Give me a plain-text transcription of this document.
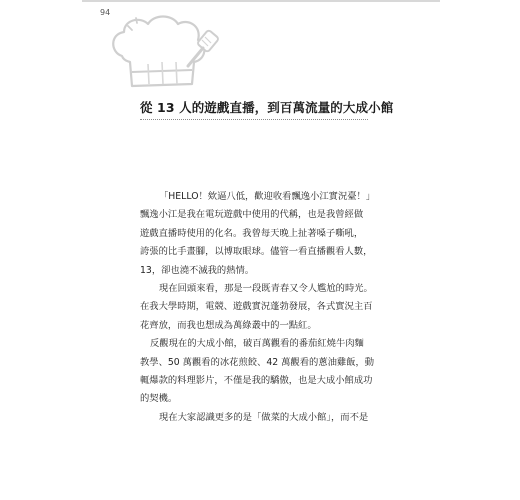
94
從 13 人的遊戲直播，到百萬流量的大成小館
「HELLO！欸逼八低，歡迎收看飄逸小江實況臺！」
飄逸小江是我在電玩遊戲中使用的代稱，也是我曾經做
遊戲直播時使用的化名。我曾每天晚上扯著嗓子嘶吼，
誇張的比手畫腳，以博取眼球。儘管一看直播觀看人數，
13，卻也澆不滅我的熱情。
現在回頭來看，那是一段既青春又令人尷尬的時光。
在我大學時期，電競、遊戲實況蓬勃發展，各式實況主百
花齊放，而我也想成為萬綠叢中的一點紅。
反觀現在的大成小館，破百萬觀看的番茄紅燒牛肉麵
教學、50 萬觀看的冰花煎餃、42 萬觀看的蔥油雞飯，動
輒爆款的料理影片，不僅是我的驕傲，也是大成小館成功
的契機。
現在大家認識更多的是「做菜的大成小館」，而不是
